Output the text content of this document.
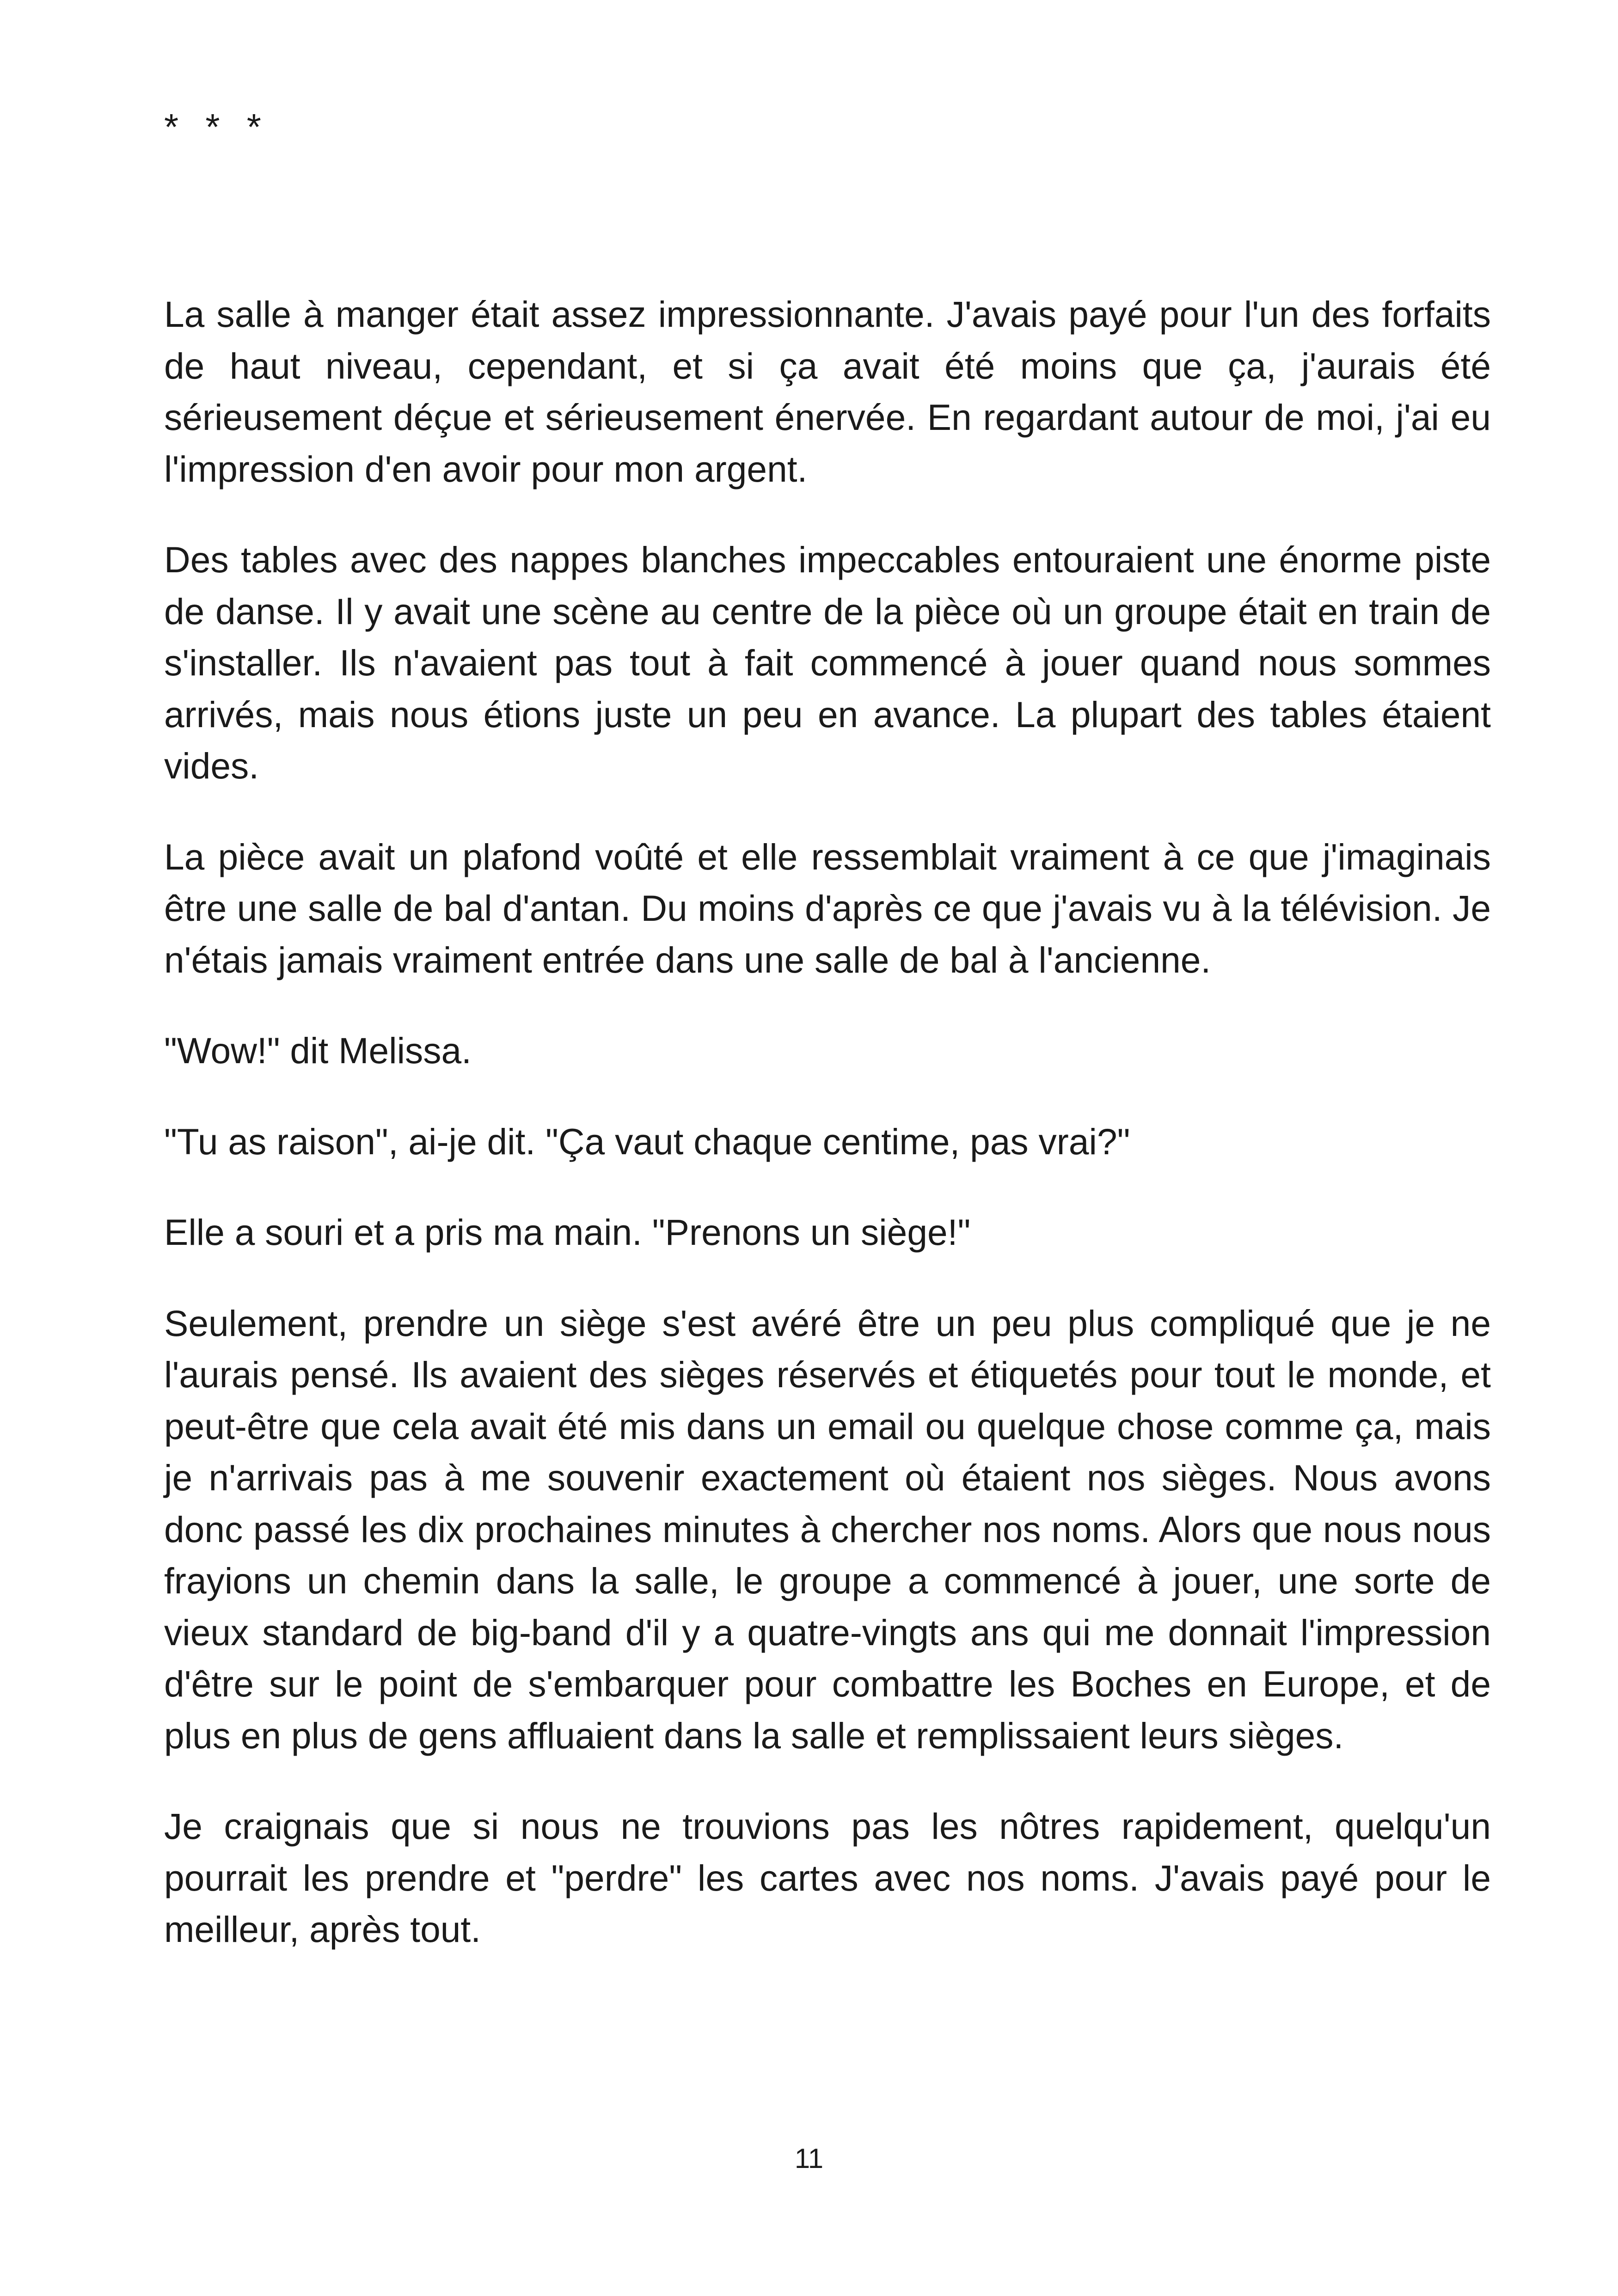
* * *

La salle à manger était assez impressionnante. J'avais payé pour l'un des forfaits de haut niveau, cependant, et si ça avait été moins que ça, j'aurais été sérieusement déçue et sérieusement énervée. En regardant autour de moi, j'ai eu l'impression d'en avoir pour mon argent.

Des tables avec des nappes blanches impeccables entouraient une énorme piste de danse. Il y avait une scène au centre de la pièce où un groupe était en train de s'installer. Ils n'avaient pas tout à fait commencé à jouer quand nous sommes arrivés, mais nous étions juste un peu en avance. La plupart des tables étaient vides.

La pièce avait un plafond voûté et elle ressemblait vraiment à ce que j'imaginais être une salle de bal d'antan. Du moins d'après ce que j'avais vu à la télévision. Je n'étais jamais vraiment entrée dans une salle de bal à l'ancienne.

"Wow!" dit Melissa.

"Tu as raison", ai-je dit. "Ça vaut chaque centime, pas vrai?"

Elle a souri et a pris ma main. "Prenons un siège!"

Seulement, prendre un siège s'est avéré être un peu plus compliqué que je ne l'aurais pensé. Ils avaient des sièges réservés et étiquetés pour tout le monde, et peut-être que cela avait été mis dans un email ou quelque chose comme ça, mais je n'arrivais pas à me souvenir exactement où étaient nos sièges. Nous avons donc passé les dix prochaines minutes à chercher nos noms. Alors que nous nous frayions un chemin dans la salle, le groupe a commencé à jouer, une sorte de vieux standard de big-band d'il y a quatre-vingts ans qui me donnait l'impression d'être sur le point de s'embarquer pour combattre les Boches en Europe, et de plus en plus de gens affluaient dans la salle et remplissaient leurs sièges.

Je craignais que si nous ne trouvions pas les nôtres rapidement, quelqu'un pourrait les prendre et "perdre" les cartes avec nos noms. J'avais payé pour le meilleur, après tout.

11
